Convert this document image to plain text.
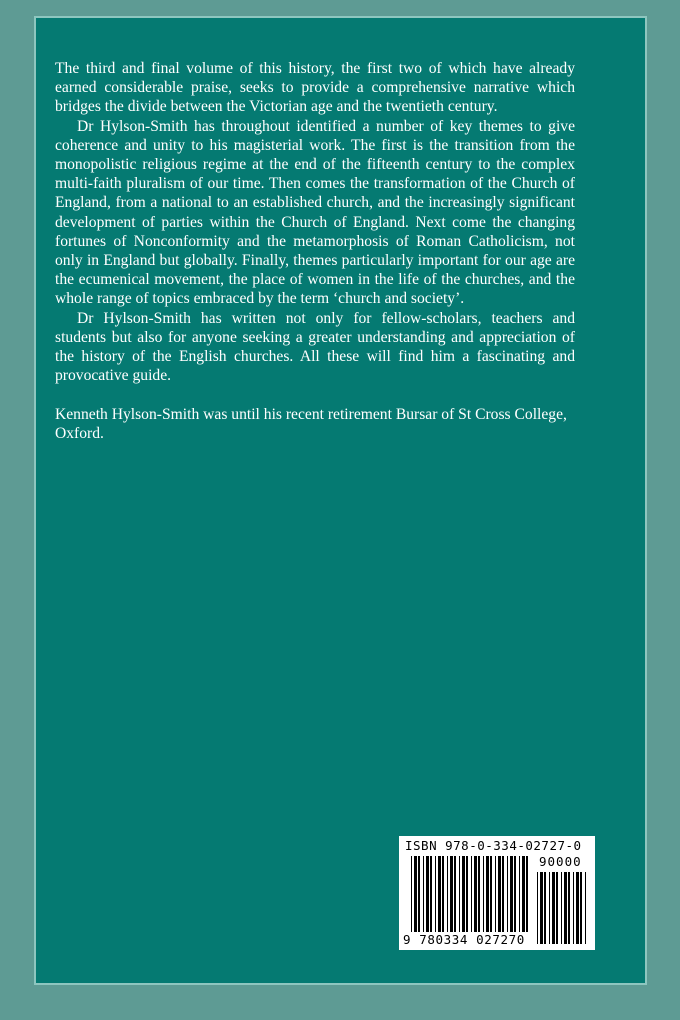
The third and final volume of this history, the first two of which have already earned considerable praise, seeks to provide a comprehensive narrative which bridges the divide between the Victorian age and the twentieth century.

Dr Hylson-Smith has throughout identified a number of key themes to give coherence and unity to his magisterial work. The first is the transition from the monopolistic religious regime at the end of the fifteenth century to the complex multi-faith pluralism of our time. Then comes the transformation of the Church of England, from a national to an established church, and the increasingly significant development of parties within the Church of England. Next come the changing fortunes of Nonconformity and the metamorphosis of Roman Catholicism, not only in England but globally. Finally, themes particularly important for our age are the ecumenical movement, the place of women in the life of the churches, and the whole range of topics embraced by the term ‘church and society’.

Dr Hylson-Smith has written not only for fellow-scholars, teachers and students but also for anyone seeking a greater understanding and appreciation of the history of the English churches. All these will find him a fascinating and provocative guide.

Kenneth Hylson-Smith was until his recent retirement Bursar of St Cross College, Oxford.

ISBN 978-0-334-02727-0
90000
9 780334 027270
